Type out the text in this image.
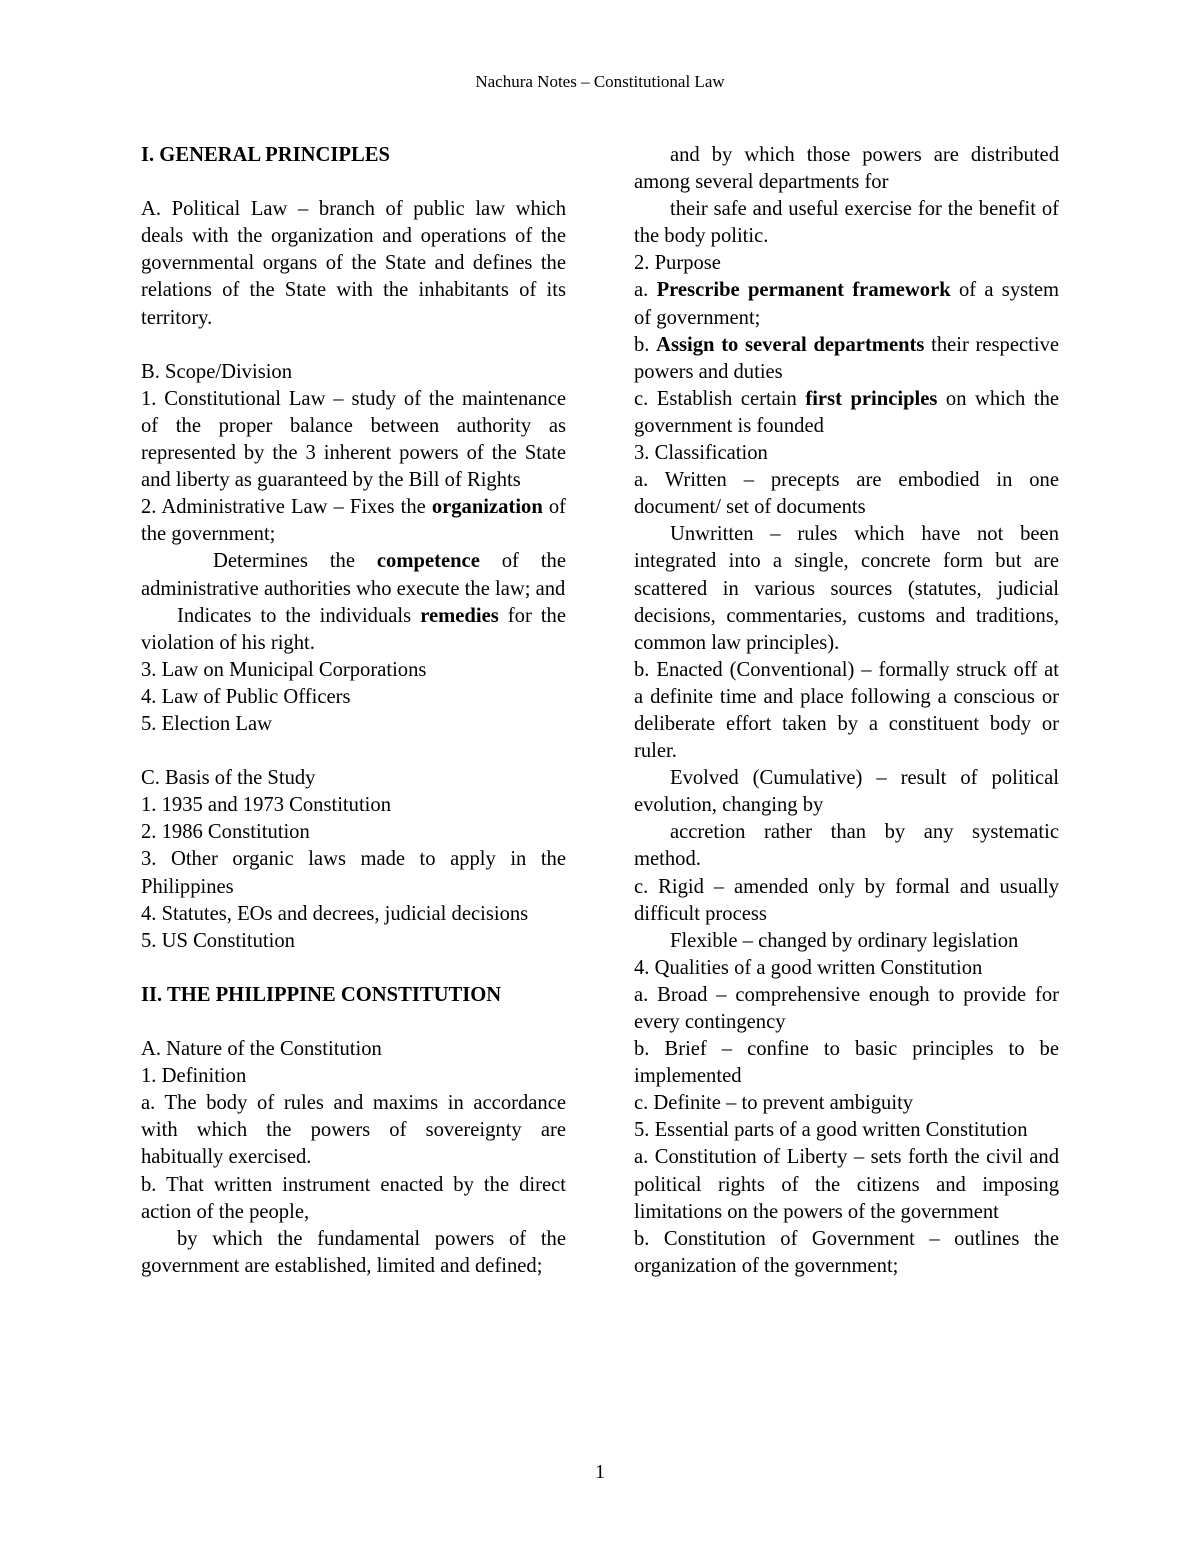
Nachura Notes – Constitutional Law

I. GENERAL PRINCIPLES

A. Political Law – branch of public law which deals with the organization and operations of the governmental organs of the State and defines the relations of the State with the inhabitants of its territory.

B. Scope/Division

1. Constitutional Law – study of the maintenance of the proper balance between authority as represented by the 3 inherent powers of the State and liberty as guaranteed by the Bill of Rights

2. Administrative Law – Fixes the organization of the government;

Determines the competence of the administrative authorities who execute the law; and

Indicates to the individuals remedies for the violation of his right.

3. Law on Municipal Corporations

4. Law of Public Officers

5. Election Law

C. Basis of the Study

1. 1935 and 1973 Constitution

2. 1986 Constitution

3. Other organic laws made to apply in the Philippines

4. Statutes, EOs and decrees, judicial decisions

5. US Constitution

II. THE PHILIPPINE CONSTITUTION

A. Nature of the Constitution

1. Definition

a. The body of rules and maxims in accordance with which the powers of sovereignty are habitually exercised.

b. That written instrument enacted by the direct action of the people,

by which the fundamental powers of the government are established, limited and defined;

and by which those powers are distributed among several departments for

their safe and useful exercise for the benefit of the body politic.

2. Purpose

a. Prescribe permanent framework of a system of government;

b. Assign to several departments their respective powers and duties

c. Establish certain first principles on which the government is founded

3. Classification

a. Written – precepts are embodied in one document/ set of documents

Unwritten – rules which have not been integrated into a single, concrete form but are scattered in various sources (statutes, judicial decisions, commentaries, customs and traditions, common law principles).

b. Enacted (Conventional) – formally struck off at a definite time and place following a conscious or deliberate effort taken by a constituent body or ruler.

Evolved (Cumulative) – result of political evolution, changing by

accretion rather than by any systematic method.

c. Rigid – amended only by formal and usually difficult process

Flexible – changed by ordinary legislation

4. Qualities of a good written Constitution

a. Broad – comprehensive enough to provide for every contingency

b. Brief – confine to basic principles to be implemented

c. Definite – to prevent ambiguity

5. Essential parts of a good written Constitution

a. Constitution of Liberty – sets forth the civil and political rights of the citizens and imposing limitations on the powers of the government

b. Constitution of Government – outlines the organization of the government;

1
